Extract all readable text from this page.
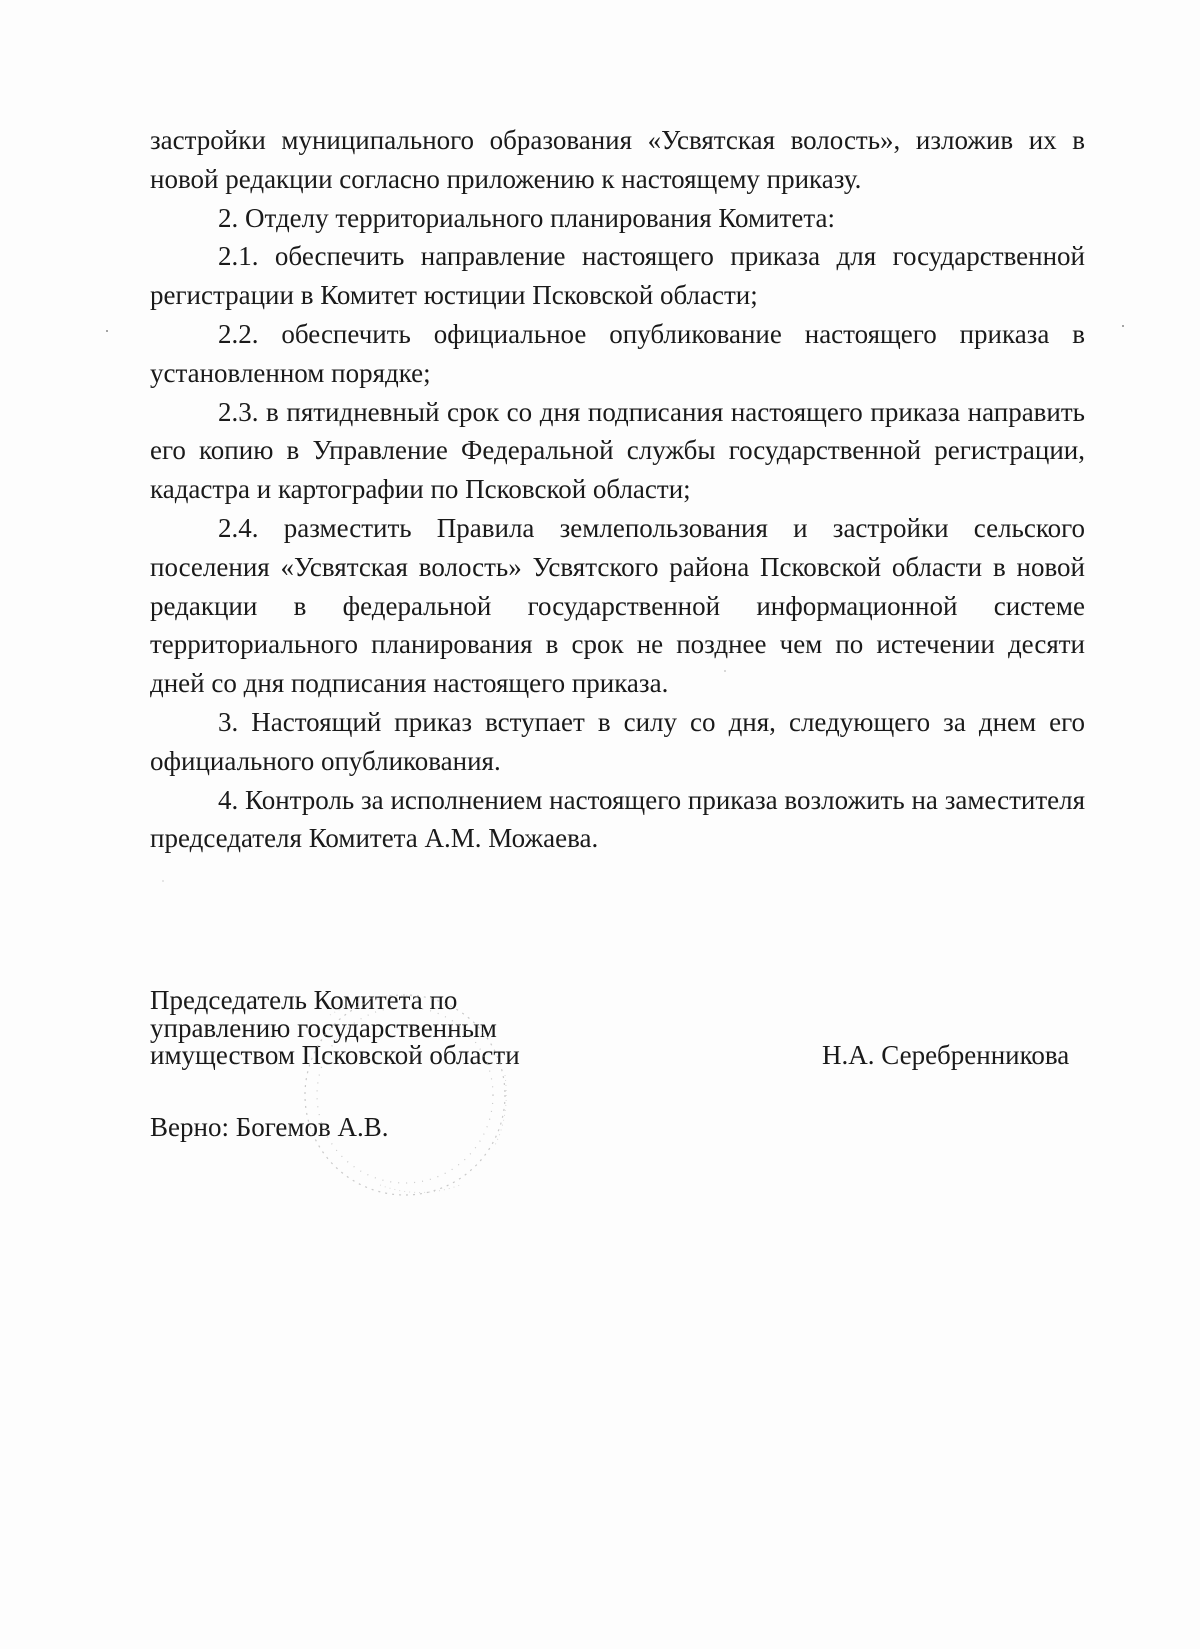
застройки муниципального образования «Усвятская волость», изложив их в новой редакции согласно приложению к настоящему приказу.

2. Отделу территориального планирования Комитета:

2.1. обеспечить направление настоящего приказа для государственной регистрации в Комитет юстиции Псковской области;

2.2. обеспечить официальное опубликование настоящего приказа в установленном порядке;

2.3. в пятидневный срок со дня подписания настоящего приказа направить его копию в Управление Федеральной службы государственной регистрации, кадастра и картографии по Псковской области;

2.4. разместить Правила землепользования и застройки сельского поселения «Усвятская волость» Усвятского района Псковской области в новой редакции в федеральной государственной информационной системе территориального планирования в срок не позднее чем по истечении десяти дней со дня подписания настоящего приказа.

3. Настоящий приказ вступает в силу со дня, следующего за днем его официального опубликования.

4. Контроль за исполнением настоящего приказа возложить на заместителя председателя Комитета А.М. Можаева.

Председатель Комитета по
управлению государственным
имуществом Псковской области	Н.А. Серебренникова
Верно: Богемов А.В.
